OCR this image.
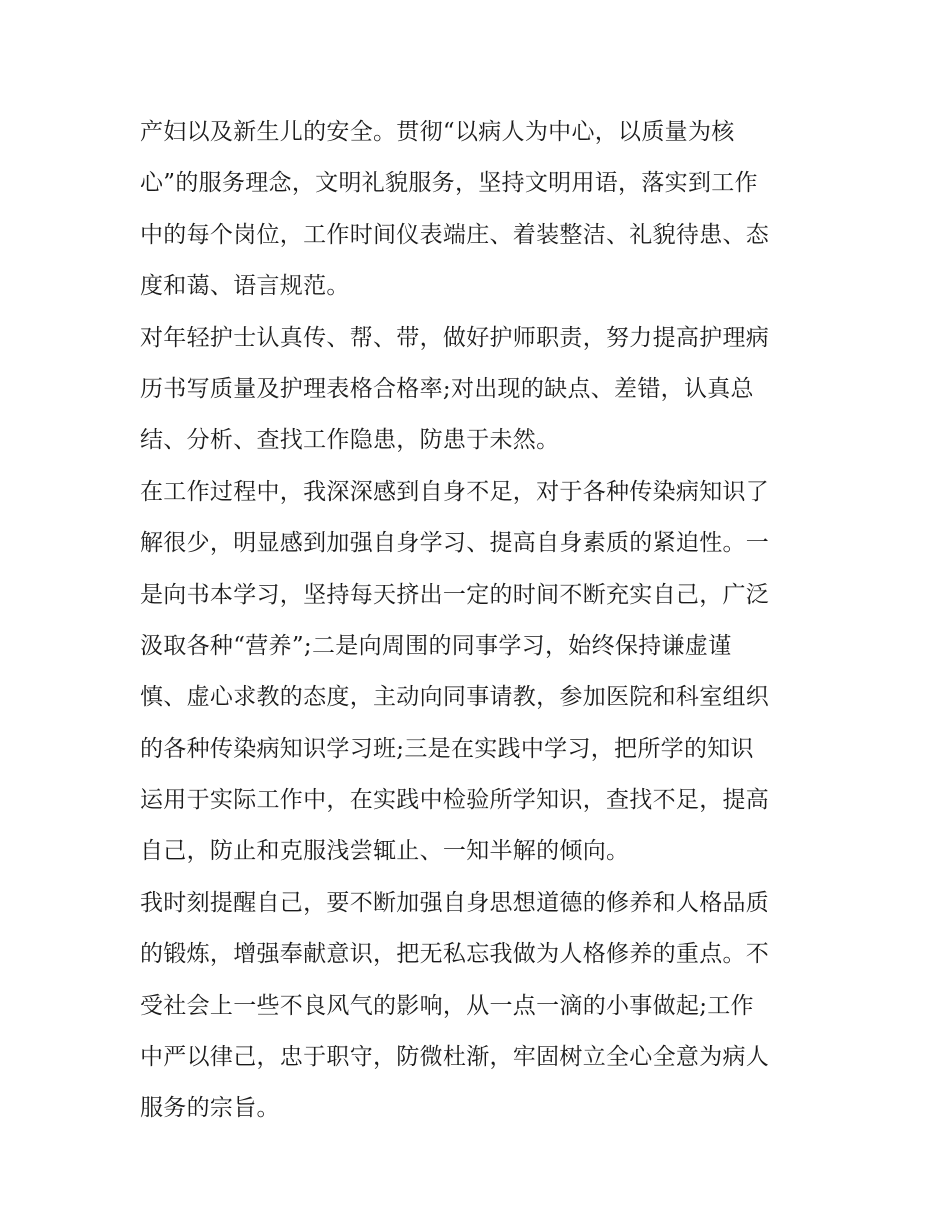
产妇以及新生儿的安全。贯彻“以病人为中心，以质量为核
心”的服务理念，文明礼貌服务，坚持文明用语，落实到工作
中的每个岗位，工作时间仪表端庄、着装整洁、礼貌待患、态
度和蔼、语言规范。
对年轻护士认真传、帮、带，做好护师职责，努力提高护理病
历书写质量及护理表格合格率;对出现的缺点、差错，认真总
结、分析、查找工作隐患，防患于未然。
在工作过程中，我深深感到自身不足，对于各种传染病知识了
解很少，明显感到加强自身学习、提高自身素质的紧迫性。一
是向书本学习，坚持每天挤出一定的时间不断充实自己，广泛
汲取各种“营养”;二是向周围的同事学习，始终保持谦虚谨
慎、虚心求教的态度，主动向同事请教，参加医院和科室组织
的各种传染病知识学习班;三是在实践中学习，把所学的知识
运用于实际工作中，在实践中检验所学知识，查找不足，提高
自己，防止和克服浅尝辄止、一知半解的倾向。
我时刻提醒自己，要不断加强自身思想道德的修养和人格品质
的锻炼，增强奉献意识，把无私忘我做为人格修养的重点。不
受社会上一些不良风气的影响，从一点一滴的小事做起;工作
中严以律己，忠于职守，防微杜渐，牢固树立全心全意为病人
服务的宗旨。
